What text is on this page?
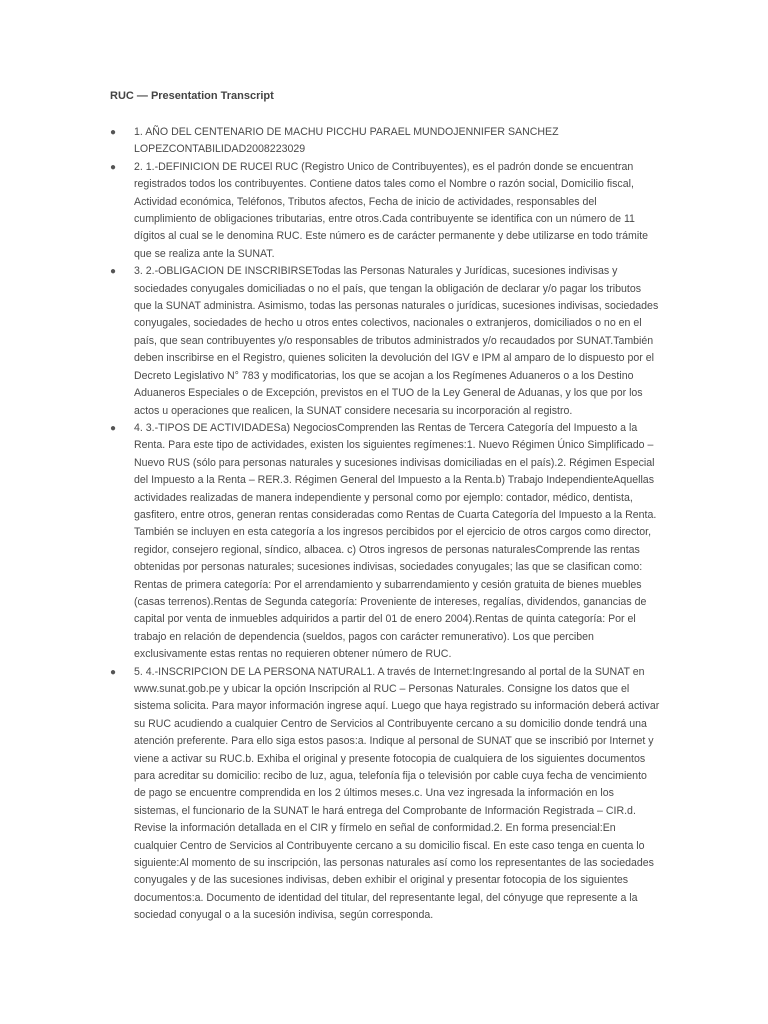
RUC — Presentation Transcript
● 1. AÑO DEL CENTENARIO DE MACHU PICCHU PARAEL MUNDOJENNIFER SANCHEZ LOPEZCONTABILIDAD2008223029
● 2. 1.-DEFINICION DE RUCEl RUC (Registro Unico de Contribuyentes), es el padrón donde se encuentran registrados todos los contribuyentes. Contiene datos tales como el Nombre o razón social, Domicilio fiscal, Actividad económica, Teléfonos, Tributos afectos, Fecha de inicio de actividades, responsables del cumplimiento de obligaciones tributarias, entre otros.Cada contribuyente se identifica con un número de 11 dígitos al cual se le denomina RUC. Este número es de carácter permanente y debe utilizarse en todo trámite que se realiza ante la SUNAT.
● 3. 2.-OBLIGACION DE INSCRIBIRSETodas las Personas Naturales y Jurídicas, sucesiones indivisas y sociedades conyugales domiciliadas o no el país, que tengan la obligación de declarar y/o pagar los tributos que la SUNAT administra. Asimismo, todas las personas naturales o jurídicas, sucesiones indivisas, sociedades conyugales, sociedades de hecho u otros entes colectivos, nacionales o extranjeros, domiciliados o no en el país, que sean contribuyentes y/o responsables de tributos administrados y/o recaudados por SUNAT.También deben inscribirse en el Registro, quienes soliciten la devolución del IGV e IPM al amparo de lo dispuesto por el Decreto Legislativo N° 783 y modificatorias, los que se acojan a los Regímenes Aduaneros o a los Destino Aduaneros Especiales o de Excepción, previstos en el TUO de la Ley General de Aduanas, y los que por los actos u operaciones que realicen, la SUNAT considere necesaria su incorporación al registro.
● 4. 3.-TIPOS DE ACTIVIDADESa) NegociosComprenden las Rentas de Tercera Categoría del Impuesto a la Renta. Para este tipo de actividades, existen los siguientes regímenes:1. Nuevo Régimen Único Simplificado – Nuevo RUS (sólo para personas naturales y sucesiones indivisas domiciliadas en el país).2. Régimen Especial del Impuesto a la Renta – RER.3. Régimen General del Impuesto a la Renta.b) Trabajo IndependienteAquellas actividades realizadas de manera independiente y personal como por ejemplo: contador, médico, dentista, gasfitero, entre otros, generan rentas consideradas como Rentas de Cuarta Categoría del Impuesto a la Renta. También se incluyen en esta categoría a los ingresos percibidos por el ejercicio de otros cargos como director, regidor, consejero regional, síndico, albacea. c) Otros ingresos de personas naturalesComprende las rentas obtenidas por personas naturales; sucesiones indivisas, sociedades conyugales; las que se clasifican como: Rentas de primera categoría: Por el arrendamiento y subarrendamiento y cesión gratuita de bienes muebles (casas terrenos).Rentas de Segunda categoría: Proveniente de intereses, regalías, dividendos, ganancias de capital por venta de inmuebles adquiridos a partir del 01 de enero 2004).Rentas de quinta categoría: Por el trabajo en relación de dependencia (sueldos, pagos con carácter remunerativo). Los que perciben exclusivamente estas rentas no requieren obtener número de RUC.
● 5. 4.-INSCRIPCION DE LA PERSONA NATURAL1. A través de Internet:Ingresando al portal de la SUNAT en www.sunat.gob.pe y ubicar la opción Inscripción al RUC – Personas Naturales. Consigne los datos que el sistema solicita. Para mayor información ingrese aquí. Luego que haya registrado su información deberá activar su RUC acudiendo a cualquier Centro de Servicios al Contribuyente cercano a su domicilio donde tendrá una atención preferente. Para ello siga estos pasos:a. Indique al personal de SUNAT que se inscribió por Internet y viene a activar su RUC.b. Exhiba el original y presente fotocopia de cualquiera de los siguientes documentos para acreditar su domicilio: recibo de luz, agua, telefonía fija o televisión por cable cuya fecha de vencimiento de pago se encuentre comprendida en los 2 últimos meses.c. Una vez ingresada la información en los sistemas, el funcionario de la SUNAT le hará entrega del Comprobante de Información Registrada – CIR.d. Revise la información detallada en el CIR y fírmelo en señal de conformidad.2. En forma presencial:En cualquier Centro de Servicios al Contribuyente cercano a su domicilio fiscal. En este caso tenga en cuenta lo siguiente:Al momento de su inscripción, las personas naturales así como los representantes de las sociedades conyugales y de las sucesiones indivisas, deben exhibir el original y presentar fotocopia de los siguientes documentos:a. Documento de identidad del titular, del representante legal, del cónyuge que represente a la sociedad conyugal o a la sucesión indivisa, según corresponda.
